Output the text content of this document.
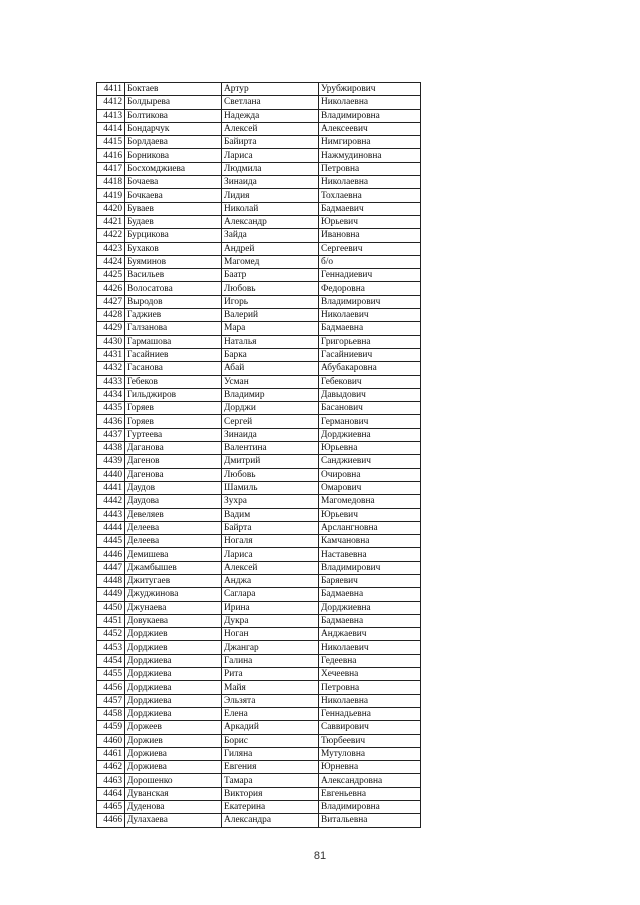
4411	Боктаев	Артур	Урубжирович
4412	Болдырева	Светлана	Николаевна
4413	Болтикова	Надежда	Владимировна
4414	Бондарчук	Алексей	Алексеевич
4415	Борлдаева	Байирта	Нимгировна
4416	Борникова	Лариса	Нажмудиновна
4417	Босхомджиева	Людмила	Петровна
4418	Бочаева	Зинаида	Николаевна
4419	Бочкаева	Лидия	Тохлаевна
4420	Буваев	Николай	Бадмаевич
4421	Будаев	Александр	Юрьевич
4422	Бурцикова	Зайда	Ивановна
4423	Бухаков	Андрей	Сергеевич
4424	Буяминов	Магомед	б/о
4425	Васильев	Баатр	Геннадиевич
4426	Волосатова	Любовь	Федоровна
4427	Выродов	Игорь	Владимирович
4428	Гаджиев	Валерий	Николаевич
4429	Галзанова	Мара	Бадмаевна
4430	Гармашова	Наталья	Григорьевна
4431	Гасайниев	Барка	Гасайниевич
4432	Гасанова	Абай	Абубакаровна
4433	Гебеков	Усман	Гебекович
4434	Гильджиров	Владимир	Давыдович
4435	Горяев	Дорджи	Басанович
4436	Горяев	Сергей	Германович
4437	Гуртеева	Зинаида	Дорджиевна
4438	Даганова	Валентина	Юрьевна
4439	Дагенов	Дмитрий	Санджиевич
4440	Дагенова	Любовь	Очировна
4441	Даудов	Шамиль	Омарович
4442	Даудова	Зухра	Магомедовна
4443	Девеляев	Вадим	Юрьевич
4444	Делеева	Байрта	Арслангновна
4445	Делеева	Ногаля	Камчановна
4446	Демишева	Лариса	Наставевна
4447	Джамбышев	Алексей	Владимирович
4448	Джитугаев	Анджа	Баряевич
4449	Джуджинова	Саглара	Бадмаевна
4450	Джунаева	Ирина	Дорджиевна
4451	Довукаева	Дукра	Бадмаевна
4452	Дорджиев	Ноган	Анджаевич
4453	Дорджиев	Джангар	Николаевич
4454	Дорджиева	Галина	Гедеевна
4455	Дорджиева	Рита	Хечеевна
4456	Дорджиева	Майя	Петровна
4457	Дорджиева	Эльзята	Николаевна
4458	Дорджиева	Елена	Геннадьевна
4459	Доржеев	Аркадий	Саввирович
4460	Доржиев	Борис	Тюрбеевич
4461	Доржиева	Гиляна	Мутуловна
4462	Доржиева	Евгения	Юрневна
4463	Дорошенко	Тамара	Александровна
4464	Дуванская	Виктория	Евгеньевна
4465	Дуденова	Екатерина	Владимировна
4466	Дулахаева	Александра	Витальевна
81
